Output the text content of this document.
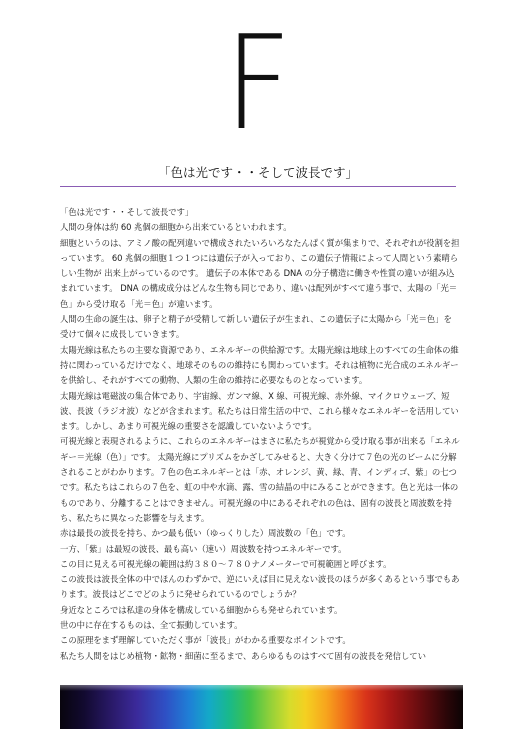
F
「色は光です・・そして波長です」

「色は光です・・そして波長です」

人間の身体は約 60 兆個の細胞から出来ているといわれます。

細胞というのは、アミノ酸の配列違いで構成されたいろいろなたんぱく質が集まりで、それぞれが役割を担っています。 60 兆個の細胞１つ１つには遺伝子が入っており、この遺伝子情報によって人間という素晴らしい生物が 出来上がっているのです。 遺伝子の本体である DNA の分子構造に働きや性質の違いが組み込まれています。 DNA の構成成分はどんな生物も同じであり、違いは配列がすべて違う事で、太陽の「光＝色」から受け取る「光＝色」が違います。

人間の生命の誕生は、卵子と精子が受精して新しい遺伝子が生まれ、この遺伝子に太陽から「光＝色」を受けて個々に成長していきます。

太陽光線は私たちの主要な資源であり、エネルギーの供給源です。太陽光線は地球上のすべての生命体の維持に関わっているだけでなく、地球そのものの維持にも関わっています。それは植物に光合成のエネルギーを供給し、それがすべての動物、人類の生命の維持に必要なものとなっています。

太陽光線は電磁波の集合体であり、宇宙線、ガンマ線、X 線、可視光線、赤外線、マイクロウェーブ、短波、長波（ラジオ波）などが含まれます。私たちは日常生活の中で、これら様々なエネルギーを活用しています。しかし、あまり可視光線の重要さを認識していないようです。

可視光線と表現されるように、これらのエネルギーはまさに私たちが視覚から受け取る事が出来る「エネルギー＝光線（色）」です。 太陽光線にプリズムをかざしてみせると、大きく分けて７色の光のビームに分解されることがわかります。７色の色エネルギーとは「赤、オレンジ、黄、緑、青、インディゴ、紫」の七つです。私たちはこれらの７色を、虹の中や水滴、露、雪の結晶の中にみることができます。色と光は一体のものであり、分離することはできません。可視光線の中にあるそれぞれの色は、固有の波長と周波数を持ち、私たちに異なった影響を与えます。

赤は最長の波長を持ち、かつ最も低い（ゆっくりした）周波数の「色」です。

一方、「紫」は最短の波長、最も高い（速い）周波数を持つエネルギーです。

この目に見える可視光線の範囲は約３８０～７８０ナノメーターで可視範囲と呼びます。

この波長は波長全体の中でほんのわずかで、逆にいえば目に見えない波長のほうが多くあるという事でもあります。波長はどこでどのように発せられているのでしょうか？

身近なところでは私達の身体を構成している細胞からも発せられています。

世の中に存在するものは、全て振動しています。

この原理をまず理解していただく事が「波長」がわかる重要なポイントです。

私たち人間をはじめ植物・鉱物・細菌に至るまで、あらゆるものはすべて固有の波長を発信してい
